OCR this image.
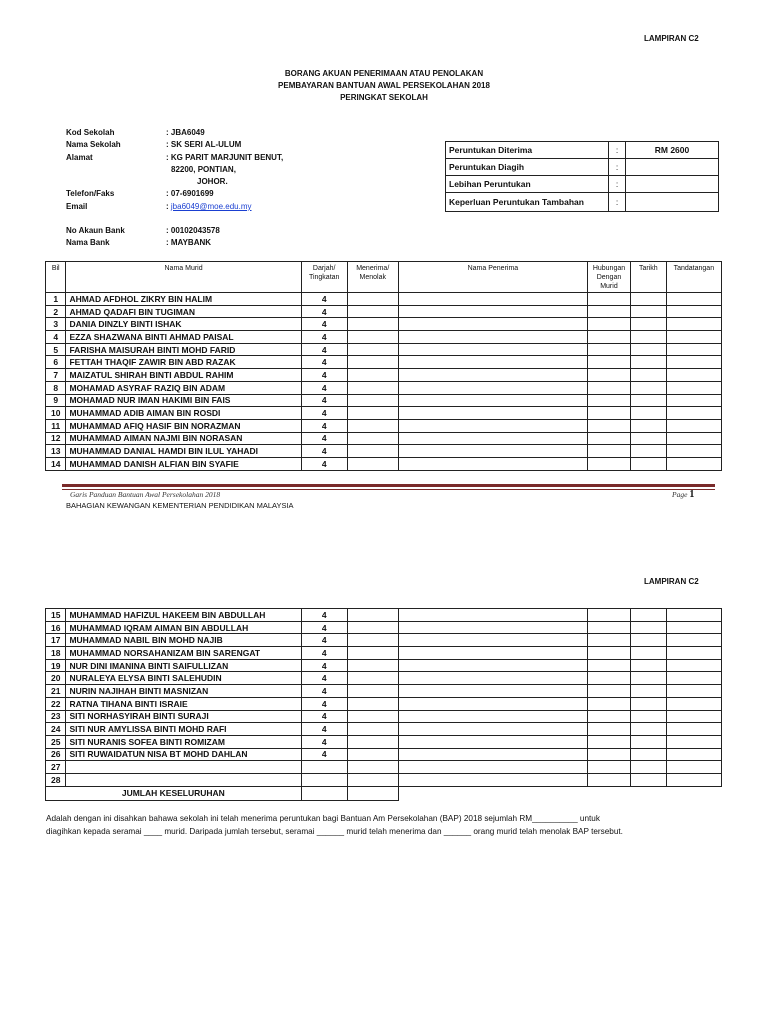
LAMPIRAN C2
BORANG AKUAN PENERIMAAN ATAU PENOLAKAN
PEMBAYARAN BANTUAN AWAL PERSEKOLAHAN 2018
PERINGKAT SEKOLAH
Kod Sekolah	: JBA6049
Nama Sekolah	: SK SERI AL-ULUM
Alamat	: KG PARIT MARJUNIT BENUT,
82200, PONTIAN,
JOHOR.
Telefon/Faks	: 07-6901699
Email	: jba6049@moe.edu.my
No Akaun Bank	: 00102043578
Nama Bank	: MAYBANK
Peruntukan Diterima	:	RM 2600
Peruntukan Diagih	:	
Lebihan Peruntukan	:	
Keperluan Peruntukan Tambahan	:	
Bil	Nama Murid	Darjah/ Tingkatan	Menerima/ Menolak	Nama Penerima	Hubungan Dengan Murid	Tarikh	Tandatangan
1	AHMAD AFDHOL ZIKRY BIN HALIM	4					
2	AHMAD QADAFI BIN TUGIMAN	4					
3	DANIA DINZLY BINTI ISHAK	4					
4	EZZA SHAZWANA BINTI AHMAD PAISAL	4					
5	FARISHA MAISURAH BINTI MOHD FARID	4					
6	FETTAH THAQIF ZAWIR BIN ABD RAZAK	4					
7	MAIZATUL SHIRAH BINTI ABDUL RAHIM	4					
8	MOHAMAD ASYRAF RAZIQ BIN ADAM	4					
9	MOHAMAD NUR IMAN HAKIMI BIN FAIS	4					
10	MUHAMMAD ADIB AIMAN BIN ROSDI	4					
11	MUHAMMAD AFIQ HASIF BIN NORAZMAN	4					
12	MUHAMMAD AIMAN NAJMI BIN NORASAN	4					
13	MUHAMMAD DANIAL HAMDI BIN ILUL YAHADI	4					
14	MUHAMMAD DANISH ALFIAN BIN SYAFIE	4					
Garis Panduan Bantuan Awal Persekolahan 2018	Page 1
BAHAGIAN KEWANGAN KEMENTERIAN PENDIDIKAN MALAYSIA
LAMPIRAN C2
15	MUHAMMAD HAFIZUL HAKEEM BIN ABDULLAH	4					
16	MUHAMMAD IQRAM AIMAN BIN ABDULLAH	4					
17	MUHAMMAD NABIL BIN MOHD NAJIB	4					
18	MUHAMMAD NORSAHANIZAM BIN SARENGAT	4					
19	NUR DINI IMANINA BINTI SAIFULLIZAN	4					
20	NURALEYA ELYSA BINTI SALEHUDIN	4					
21	NURIN NAJIHAH BINTI MASNIZAN	4					
22	RATNA TIHANA BINTI ISRAIE	4					
23	SITI NORHASYIRAH BINTI SURAJI	4					
24	SITI NUR AMYLISSA BINTI MOHD RAFI	4					
25	SITI NURANIS SOFEA BINTI ROMIZAM	4					
26	SITI RUWAIDATUN NISA BT MOHD DAHLAN	4					
27							
28							
JUMLAH KESELURUHAN							
Adalah dengan ini disahkan bahawa sekolah ini telah menerima peruntukan bagi Bantuan Am Persekolahan (BAP) 2018 sejumlah RM__________ untuk
diagihkan kepada seramai ____ murid. Daripada jumlah tersebut, seramai ______ murid telah menerima dan ______ orang murid telah menolak BAP tersebut.
